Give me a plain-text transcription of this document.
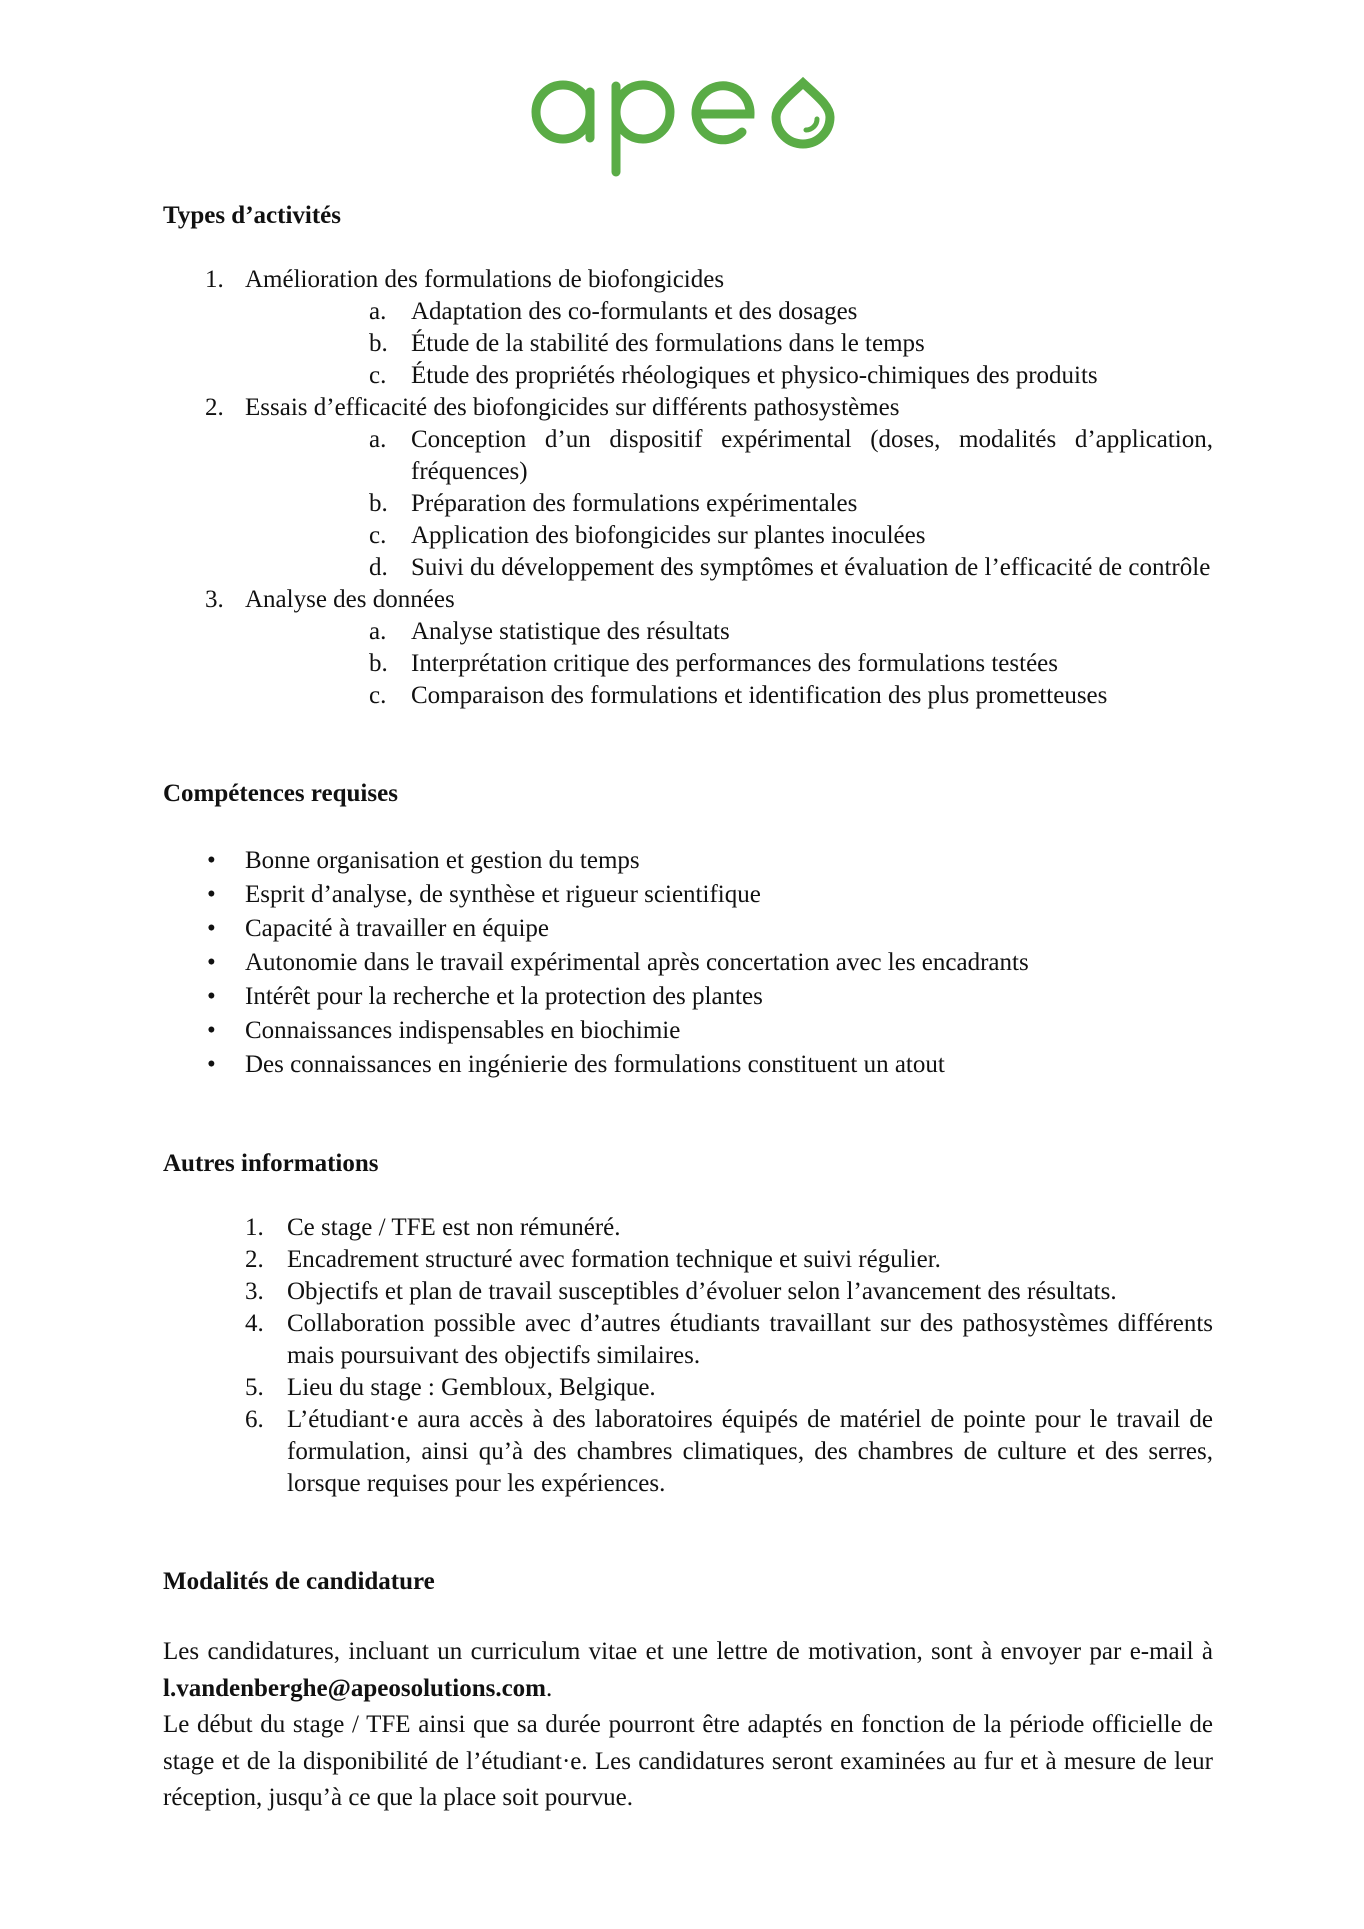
Types d’activités
1. Amélioration des formulations de biofongicides
a. Adaptation des co-formulants et des dosages
b. Étude de la stabilité des formulations dans le temps
c. Étude des propriétés rhéologiques et physico-chimiques des produits
2. Essais d’efficacité des biofongicides sur différents pathosystèmes
a. Conception d’un dispositif expérimental (doses, modalités d’application, fréquences)
b. Préparation des formulations expérimentales
c. Application des biofongicides sur plantes inoculées
d. Suivi du développement des symptômes et évaluation de l’efficacité de contrôle
3. Analyse des données
a. Analyse statistique des résultats
b. Interprétation critique des performances des formulations testées
c. Comparaison des formulations et identification des plus prometteuses
Compétences requises
• Bonne organisation et gestion du temps
• Esprit d’analyse, de synthèse et rigueur scientifique
• Capacité à travailler en équipe
• Autonomie dans le travail expérimental après concertation avec les encadrants
• Intérêt pour la recherche et la protection des plantes
• Connaissances indispensables en biochimie
• Des connaissances en ingénierie des formulations constituent un atout
Autres informations
1. Ce stage / TFE est non rémunéré.
2. Encadrement structuré avec formation technique et suivi régulier.
3. Objectifs et plan de travail susceptibles d’évoluer selon l’avancement des résultats.
4. Collaboration possible avec d’autres étudiants travaillant sur des pathosystèmes différents mais poursuivant des objectifs similaires.
5. Lieu du stage : Gembloux, Belgique.
6. L’étudiant·e aura accès à des laboratoires équipés de matériel de pointe pour le travail de formulation, ainsi qu’à des chambres climatiques, des chambres de culture et des serres, lorsque requises pour les expériences.
Modalités de candidature

Les candidatures, incluant un curriculum vitae et une lettre de motivation, sont à envoyer par e-mail à l.vandenberghe@apeosolutions.com.

Le début du stage / TFE ainsi que sa durée pourront être adaptés en fonction de la période officielle de stage et de la disponibilité de l’étudiant·e. Les candidatures seront examinées au fur et à mesure de leur réception, jusqu’à ce que la place soit pourvue.
